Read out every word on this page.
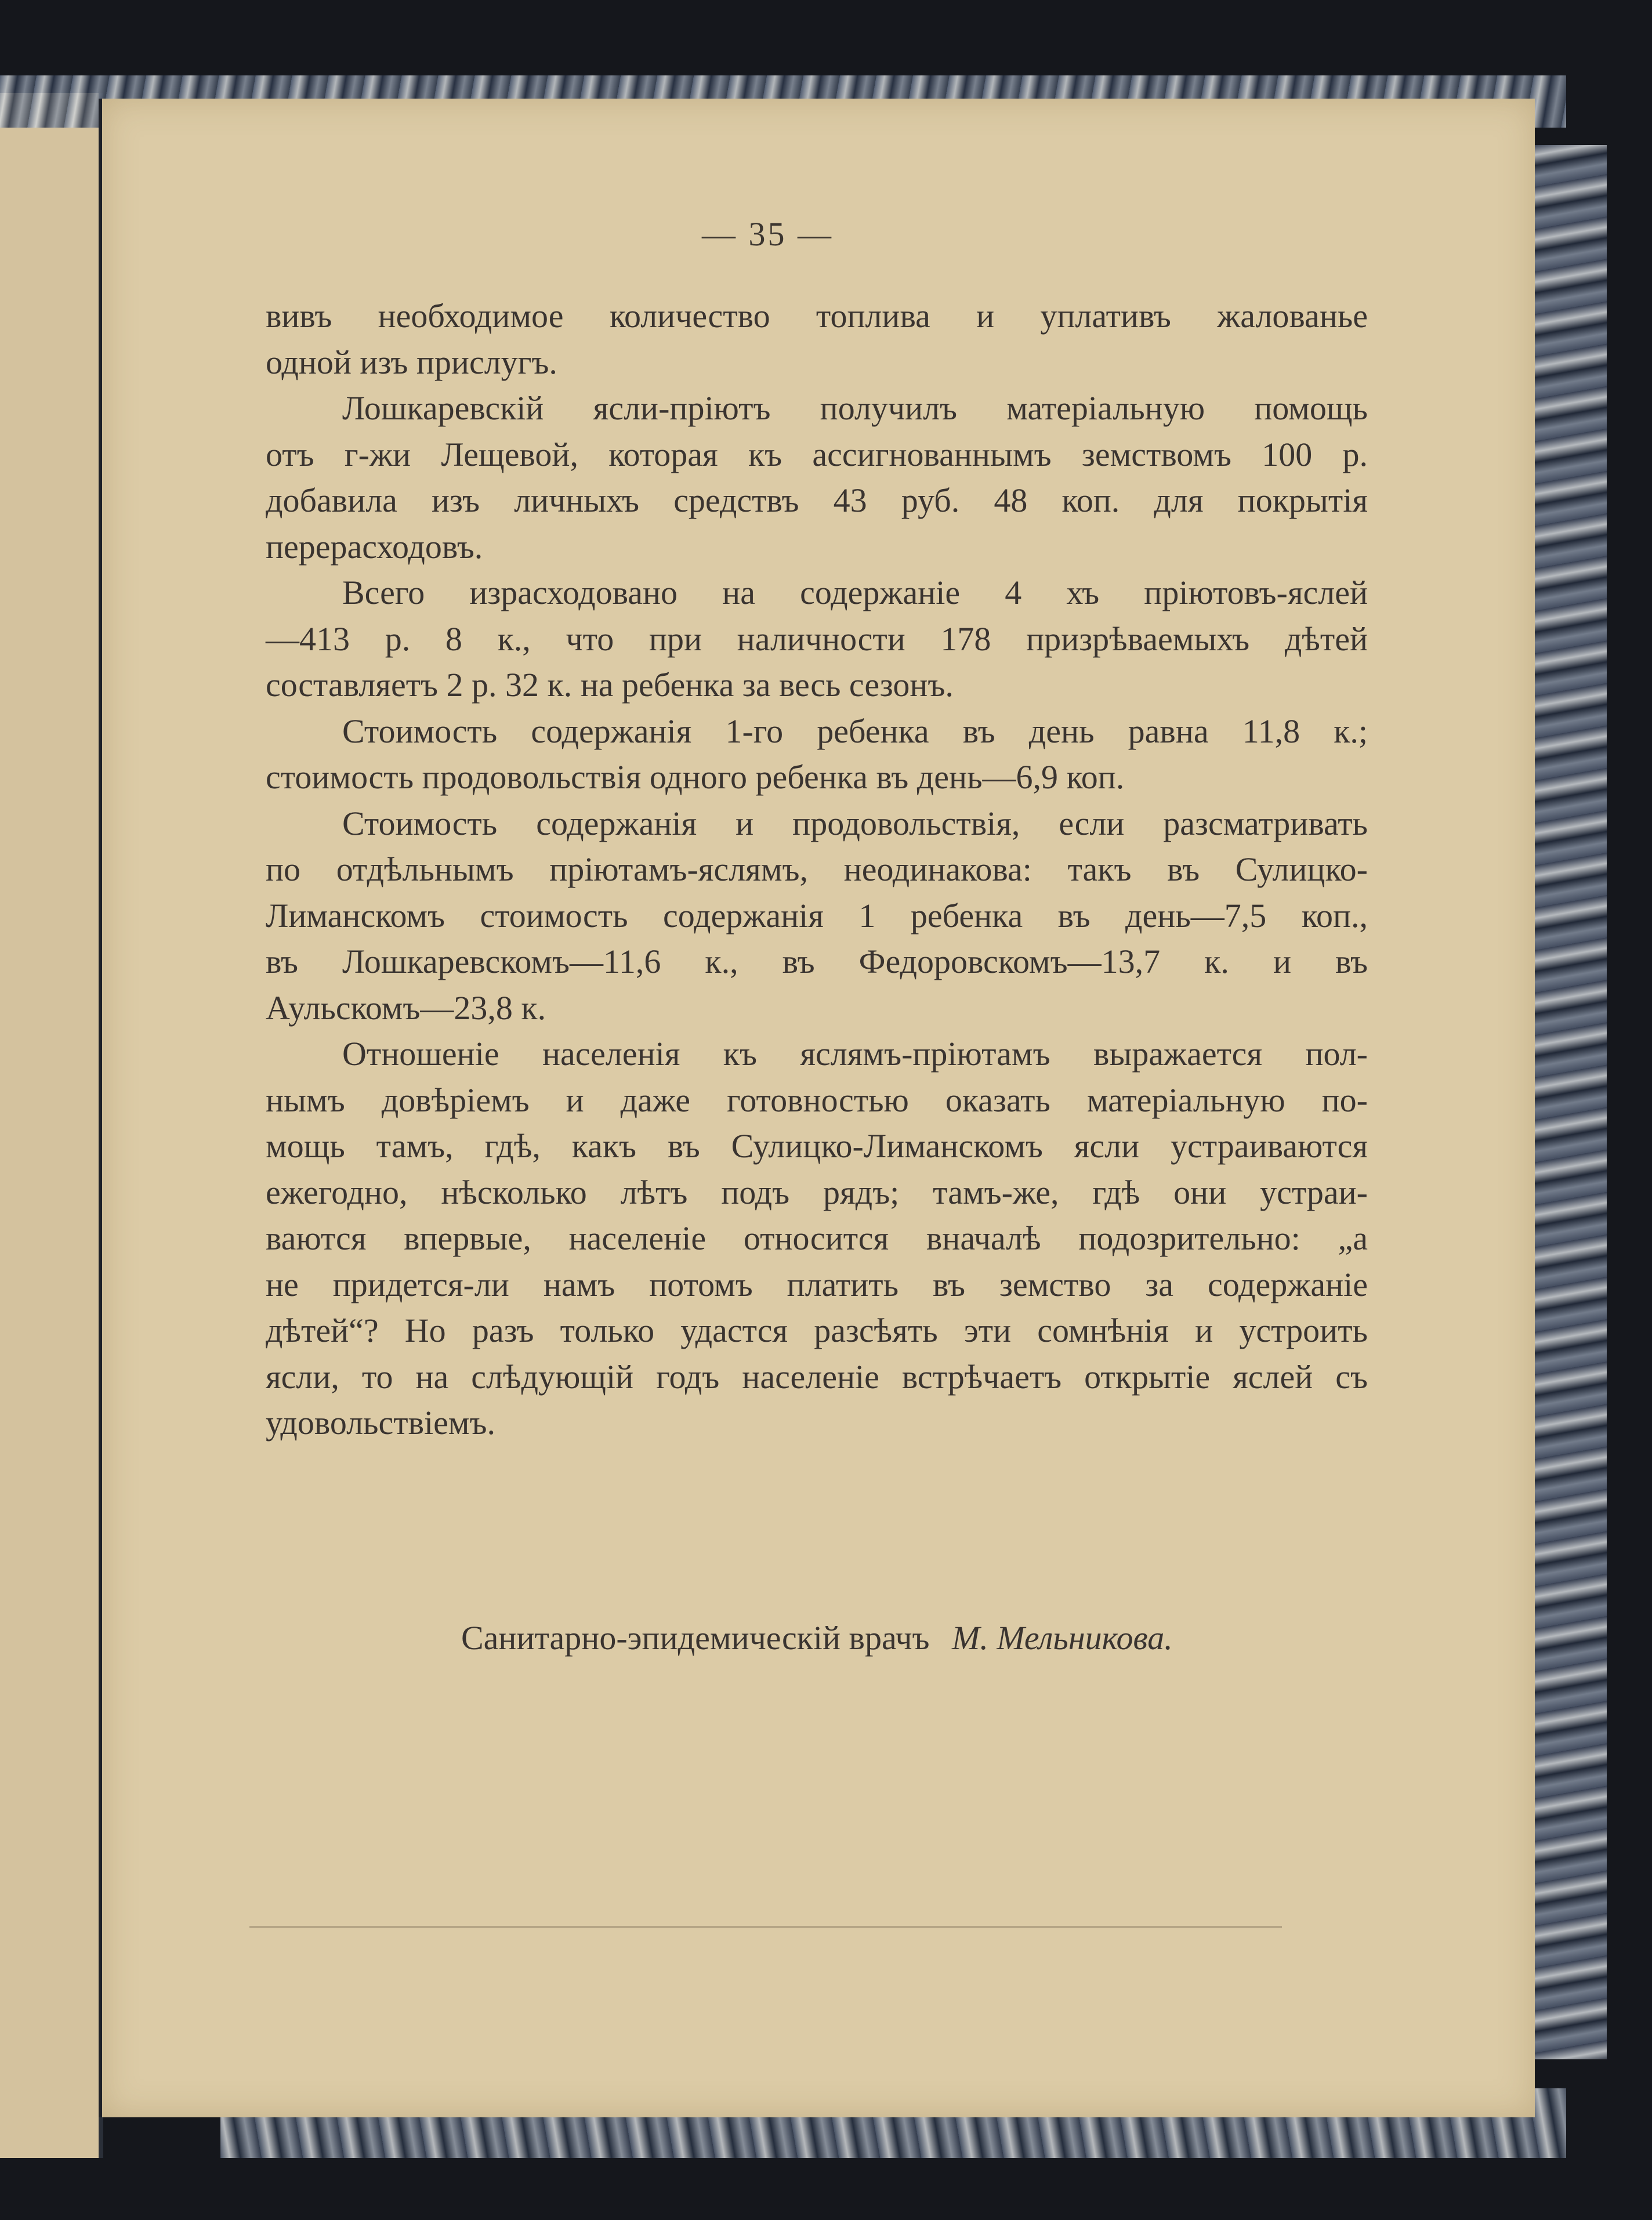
— 35 —

вивъ необходимое количество топлива и уплативъ жалованье

одной изъ прислугъ.

Лошкаревскій ясли-пріютъ получилъ матеріальную помощь

отъ г-жи Лещевой, которая къ ассигнованнымъ земствомъ 100 р.

добавила изъ личныхъ средствъ 43 руб. 48 коп. для покрытія

перерасходовъ.

Всего израсходовано на содержаніе 4 хъ пріютовъ-яслей

—413 р. 8 к., что при наличности 178 призрѣваемыхъ дѣтей

составляетъ 2 р. 32 к. на ребенка за весь сезонъ.

Стоимость содержанія 1-го ребенка въ день равна 11,8 к.;

стоимость продовольствія одного ребенка въ день—6,9 коп.

Стоимость содержанія и продовольствія, если разсматривать

по отдѣльнымъ пріютамъ-яслямъ, неодинакова: такъ въ Сулицко-

Лиманскомъ стоимость содержанія 1 ребенка въ день—7,5 коп.,

въ Лошкаревскомъ—11,6 к., въ Федоровскомъ—13,7 к. и въ

Аульскомъ—23,8 к.

Отношеніе населенія къ яслямъ-пріютамъ выражается пол-

нымъ довѣріемъ и даже готовностью оказать матеріальную по-

мощь тамъ, гдѣ, какъ въ Сулицко-Лиманскомъ ясли устраиваются

ежегодно, нѣсколько лѣтъ подъ рядъ; тамъ-же, гдѣ они устраи-

ваются впервые, населеніе относится вначалѣ подозрительно: „а

не придется-ли намъ потомъ платить въ земство за содержаніе

дѣтей“? Но разъ только удастся разсѣять эти сомнѣнія и устроить

ясли, то на слѣдующій годъ населеніе встрѣчаетъ открытіе яслей съ

удовольствіемъ.

Санитарно-эпидемическій врачъ М. Мельникова.
